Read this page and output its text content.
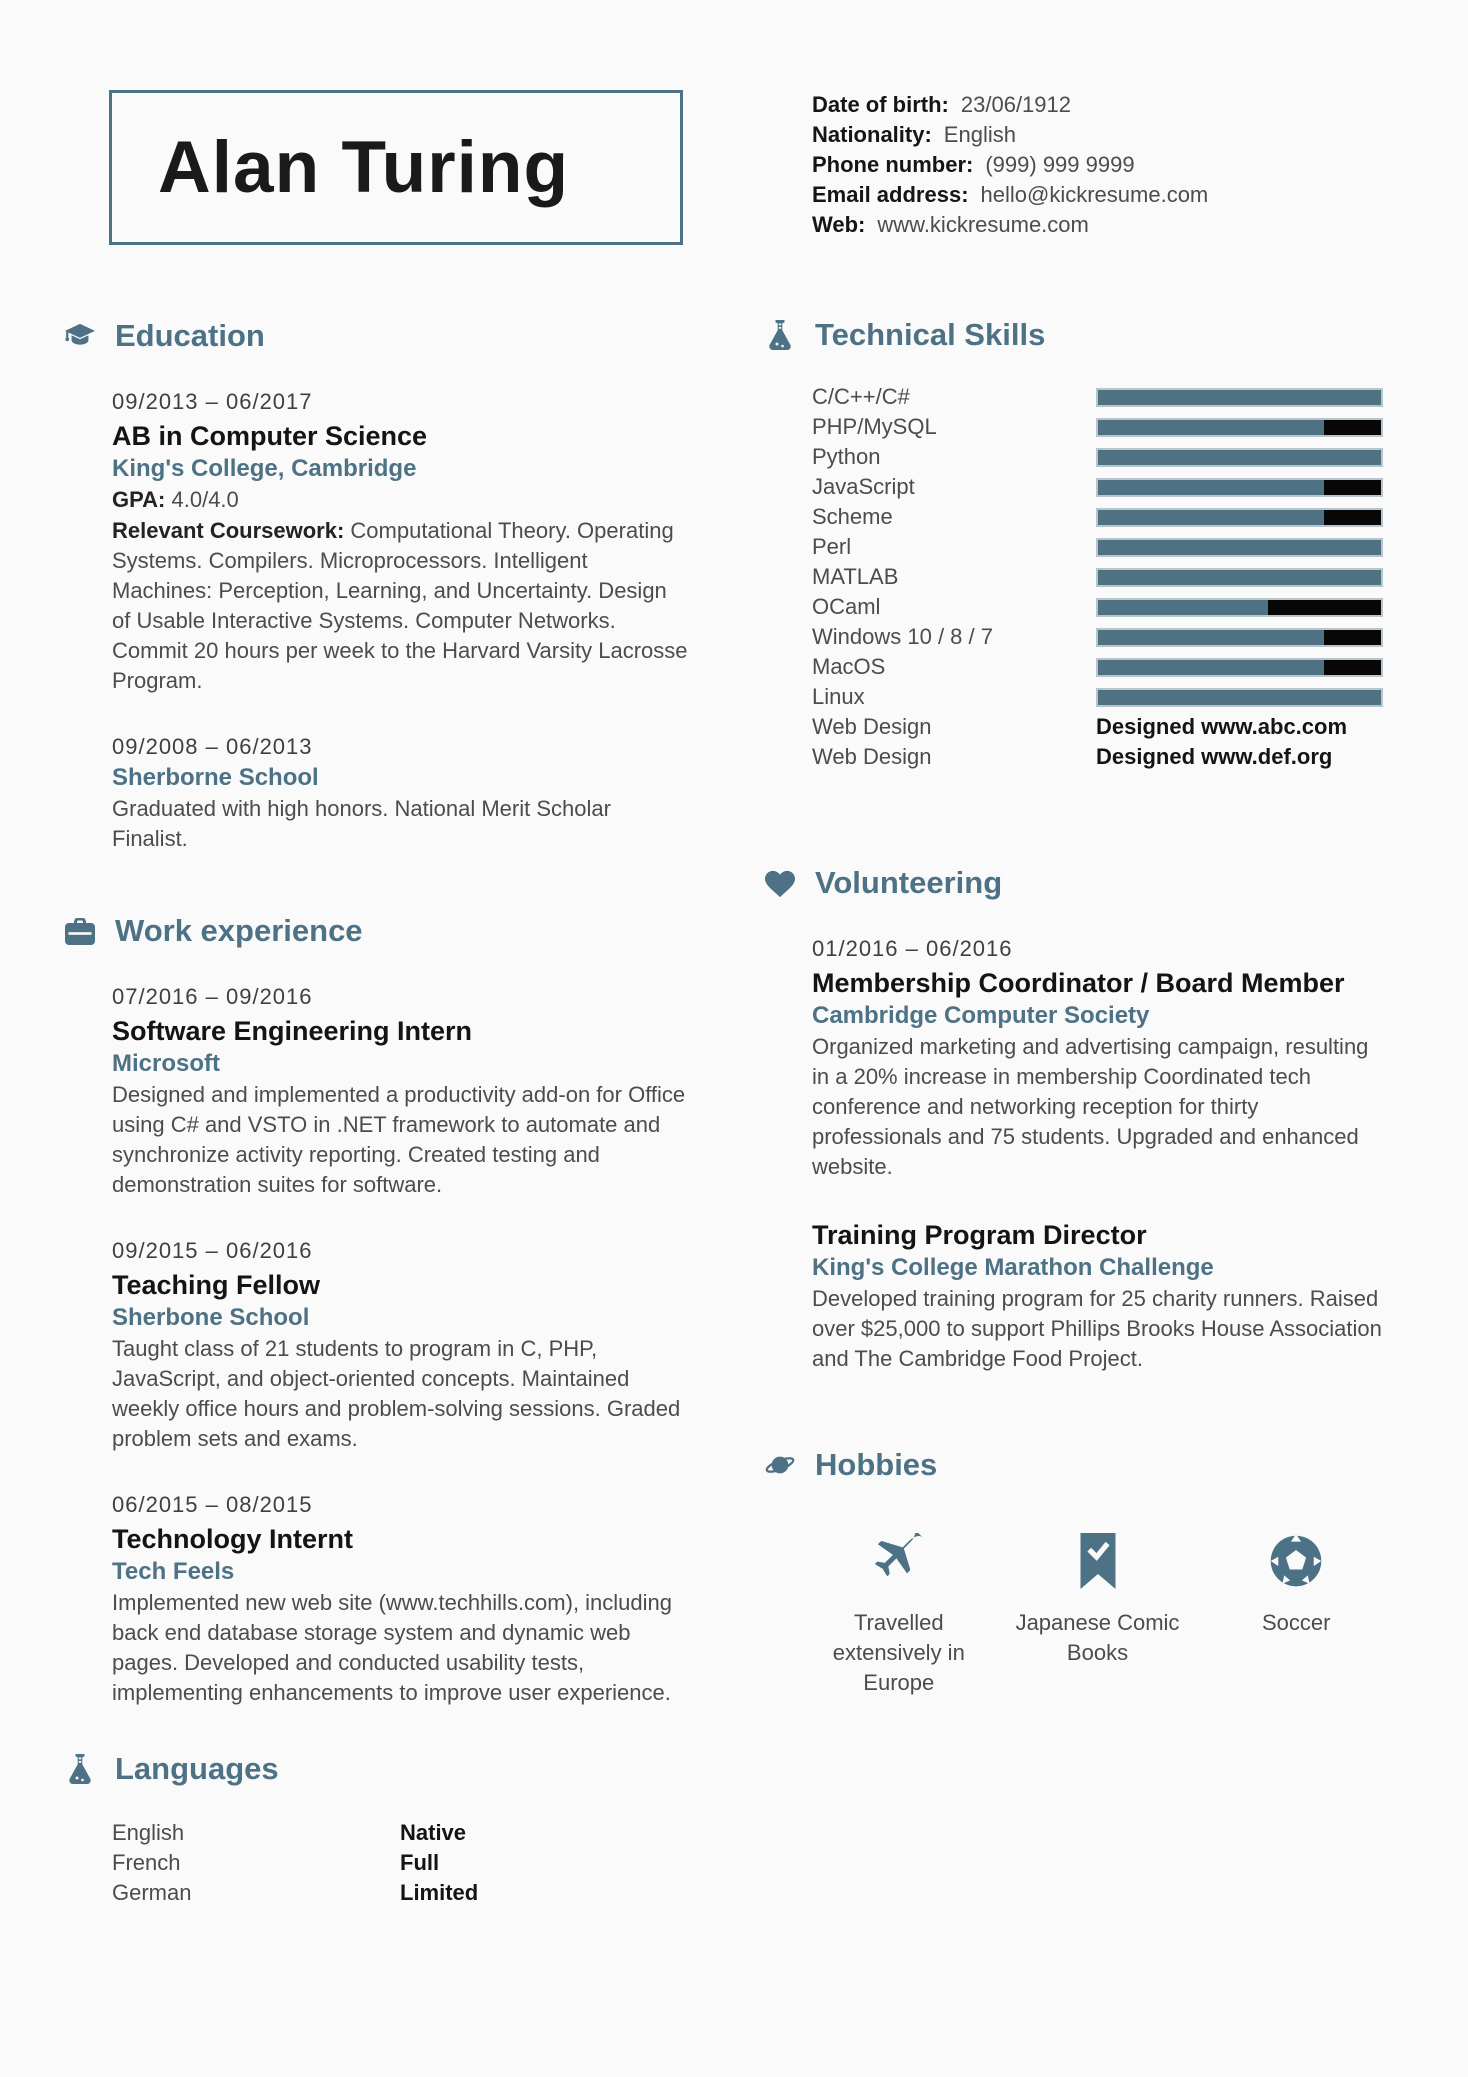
Alan Turing
Education
09/2013 – 06/2017
AB in Computer Science
King's College, Cambridge

GPA: 4.0/4.0

Relevant Coursework: Computational Theory. Operating Systems. Compilers. Microprocessors. Intelligent Machines: Perception, Learning, and Uncertainty. Design of Usable Interactive Systems. Computer Networks. Commit 20 hours per week to the Harvard Varsity Lacrosse Program.

09/2008 – 06/2013
Sherborne School

Graduated with high honors. National Merit Scholar Finalist.

Work experience
07/2016 – 09/2016
Software Engineering Intern
Microsoft

Designed and implemented a productivity add-on for Office using C# and VSTO in .NET framework to automate and synchronize activity reporting. Created testing and demonstration suites for software.

09/2015 – 06/2016
Teaching Fellow
Sherbone School

Taught class of 21 students to program in C, PHP, JavaScript, and object-oriented concepts. Maintained weekly office hours and problem-solving sessions. Graded problem sets and exams.

06/2015 – 08/2015
Technology Internt
Tech Feels

Implemented new web site (www.techhills.com), including back end database storage system and dynamic web pages. Developed and conducted usability tests, implementing enhancements to improve user experience.

Languages
English	Native
French	Full
German	Limited
Date of birth: 23/06/1912
Nationality: English
Phone number: (999) 999 9999
Email address: hello@kickresume.com
Web: www.kickresume.com
Technical Skills
C/C++/C#
PHP/MySQL
Python
JavaScript
Scheme
Perl
MATLAB
OCaml
Windows 10 / 8 / 7
MacOS
Linux
Web Design	Designed www.abc.com
Web Design	Designed www.def.org
Volunteering
01/2016 – 06/2016
Membership Coordinator / Board Member
Cambridge Computer Society

Organized marketing and advertising campaign, resulting in a 20% increase in membership Coordinated tech conference and networking reception for thirty professionals and 75 students. Upgraded and enhanced website.

Training Program Director
King's College Marathon Challenge

Developed training program for 25 charity runners. Raised over $25,000 to support Phillips Brooks House Association and The Cambridge Food Project.

Hobbies
Travelled extensively in Europe
Japanese Comic Books
Soccer
